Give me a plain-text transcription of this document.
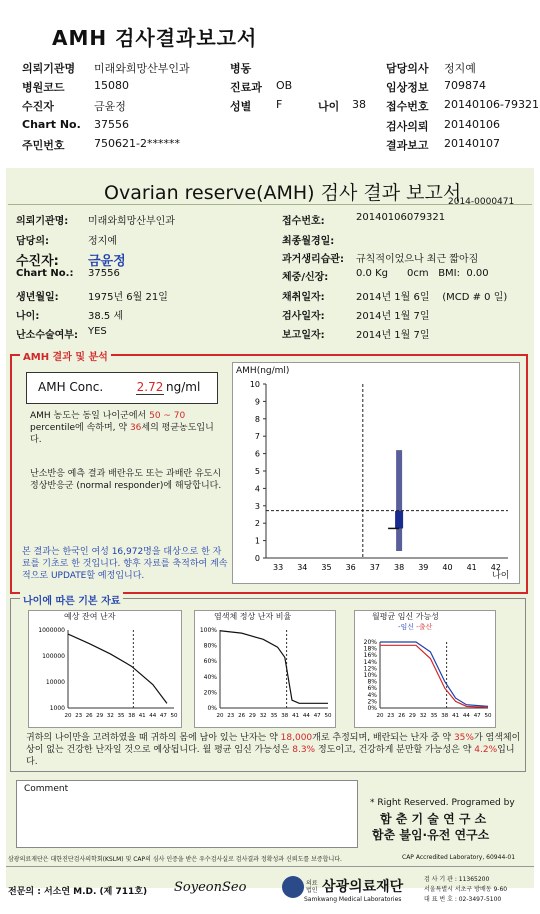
AMH 검사결과보고서
의뢰기관명 미래와희망산부인과	병동	담당의사 정지예
병원코드	15080	진료과 OB	임상정보 709874
수진자	금윤정	성별 F	나이 38 접수번호 20140106-79321
Chart No. 37556	검사의뢰 20140106
주민번호	750621-2******	결과보고 20140107
Ovarian reserve(AMH) 검사 결과 보고서
2014-0000471
의뢰기관명: 미래와희망산부인과
담당의:	정지예
수진자: 금윤정
Chart No.: 37556
생년월일:	1975년 6월 21일
나이:	38.5 세
난소수술여부: YES
접수번호:	20140106079321
최종월경일:
과거생리습관: 규칙적이었으나 최근 짧아짐
체중/신장:	0.0 Kg      0cm   BMI:  0.00
채취일자:	2014년 1월 6일    (MCD # 0 일)
검사일자:	2014년 1월 7일
보고일자:	2014년 1월 7일
AMH 결과 및 분석
AMH Conc.	2.72 ng/ml
AMH 농도는 동일 나이군에서 50 ~ 70 percentile에 속하며, 약 36세의 평균농도입니다.
난소반응 예측 결과 배란유도 또는 과배란 유도시 정상반응군 (normal responder)에 해당합니다.
본 결과는 한국인 여성 16,972명을 대상으로 한 자료를 기초로 한 것입니다. 향후 자료를 축적하여 계속적으로 UPDATE할 예정입니다.
AMH(ng/ml)
나이
0
1
2
3
4
5
6
7
8
9
10
33 34 35 36 37 38 39 40 41 42
나이에 따른 기본 자료
예상 잔여 난자
1000000
100000
10000
1000
20 23 26 29 32 35 38 41 44 47 50
염색체 정상 난자 비율
100%
80%
60%
40%
20%
0%
20 23 26 29 32 35 38 41 44 47 50
월평균 임신 가능성
-임신 -출산
20%
18%
16%
14%
12%
10%
8%
6%
4%
2%
0%
20 23 26 29 32 35 38 41 44 47 50
귀하의 나이만을 고려하였을 때 귀하의 몸에 남아 있는 난자는 약 18,000개로 추정되며, 배란되는 난자 중 약 35%가 염색체이상이 없는 건강한 난자일 것으로 예상됩니다. 월 평균 임신 가능성은 8.3% 정도이고, 건강하게 분만할 가능성은 약 4.2%입니다.
Comment
* Right Reserved. Programed by
함 춘 기 술 연 구 소
함춘 불임·유전 연구소
삼광의료재단은 대한진단검사의학회(KSLM) 및 CAP의 심사 인증을 받은 우수검사실로 검사결과 정확성과 신뢰도를 보증합니다.	CAP Accredited Laboratory, 60944-01
전문의 : 서소연 M.D. (제 711호) SoyeonSeo	의료법인 삼광의료재단
Samkwang Medical Laboratories
검 사 기 관 : 11365200
서울특별시 서초구 방배동 9-60
대 표 번 호 : 02-3497-5100
